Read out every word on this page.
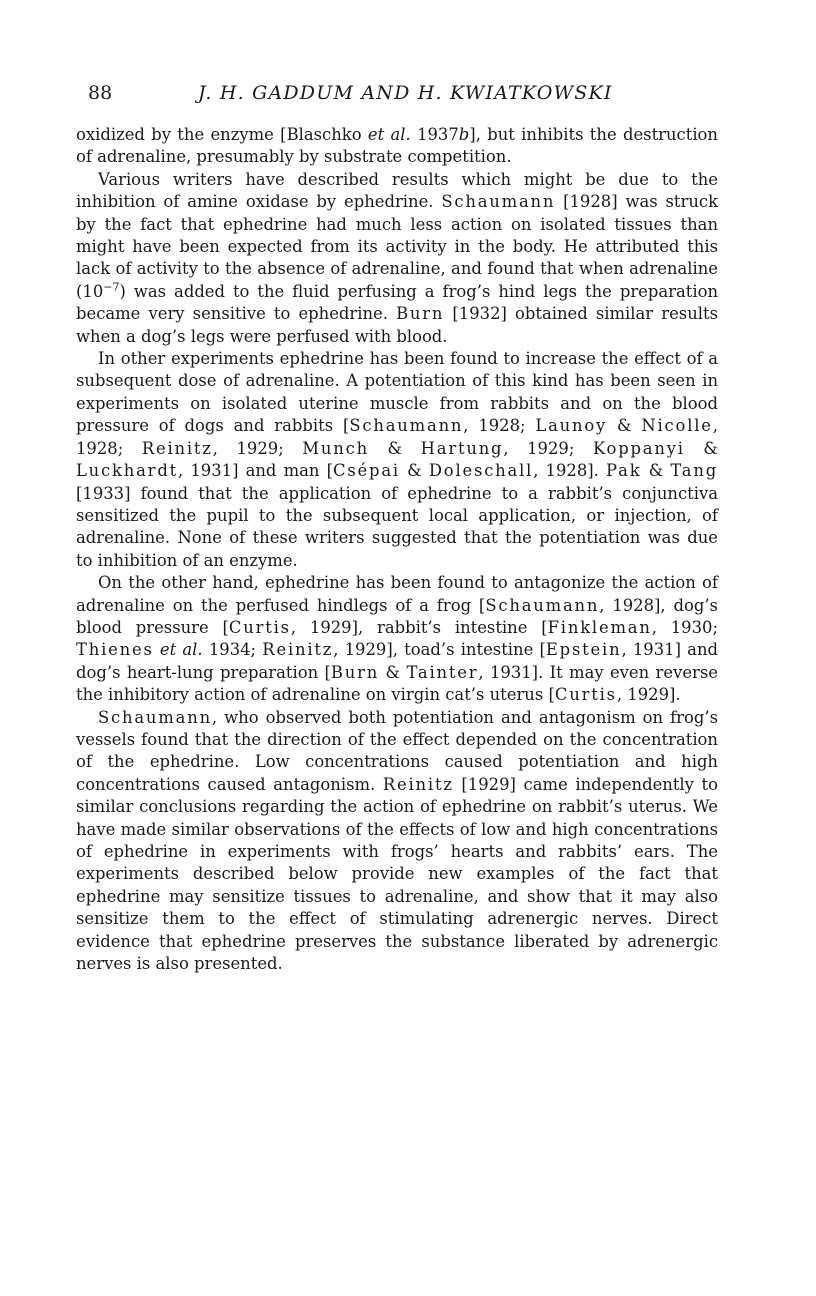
88	J. H. GADDUM AND H. KWIATKOWSKI

oxidized by the enzyme [Blaschko et al. 1937b], but inhibits the destruction of adrenaline, presumably by substrate competition.

Various writers have described results which might be due to the inhibition of amine oxidase by ephedrine. Schaumann [1928] was struck by the fact that ephedrine had much less action on isolated tissues than might have been expected from its activity in the body. He attributed this lack of activity to the absence of adrenaline, and found that when adrenaline $(10^{-7})$ was added to the fluid perfusing a frog’s hind legs the preparation became very sensitive to ephedrine. Burn [1932] obtained similar results when a dog’s legs were perfused with blood.

In other experiments ephedrine has been found to increase the effect of a subsequent dose of adrenaline. A potentiation of this kind has been seen in experiments on isolated uterine muscle from rabbits and on the blood pressure of dogs and rabbits [Schaumann, 1928; Launoy & Nicolle, 1928; Reinitz, 1929; Munch & Hartung, 1929; Koppanyi & Luckhardt, 1931] and man [Csépai & Doleschall, 1928]. Pak & Tang [1933] found that the application of ephedrine to a rabbit’s conjunctiva sensitized the pupil to the subsequent local application, or injection, of adrenaline. None of these writers suggested that the potentiation was due to inhibition of an enzyme.

On the other hand, ephedrine has been found to antagonize the action of adrenaline on the perfused hindlegs of a frog [Schaumann, 1928], dog’s blood pressure [Curtis, 1929], rabbit’s intestine [Finkleman, 1930; Thienes et al. 1934; Reinitz, 1929], toad’s intestine [Epstein, 1931] and dog’s heart-lung preparation [Burn & Tainter, 1931]. It may even reverse the inhibitory action of adrenaline on virgin cat’s uterus [Curtis, 1929].

Schaumann, who observed both potentiation and antagonism on frog’s vessels found that the direction of the effect depended on the concentration of the ephedrine. Low concentrations caused potentiation and high concentrations caused antagonism. Reinitz [1929] came independently to similar conclusions regarding the action of ephedrine on rabbit’s uterus. We have made similar observations of the effects of low and high concentrations of ephedrine in experiments with frogs’ hearts and rabbits’ ears. The experiments described below provide new examples of the fact that ephedrine may sensitize tissues to adrenaline, and show that it may also sensitize them to the effect of stimulating adrenergic nerves. Direct evidence that ephedrine preserves the substance liberated by adrenergic nerves is also presented.
